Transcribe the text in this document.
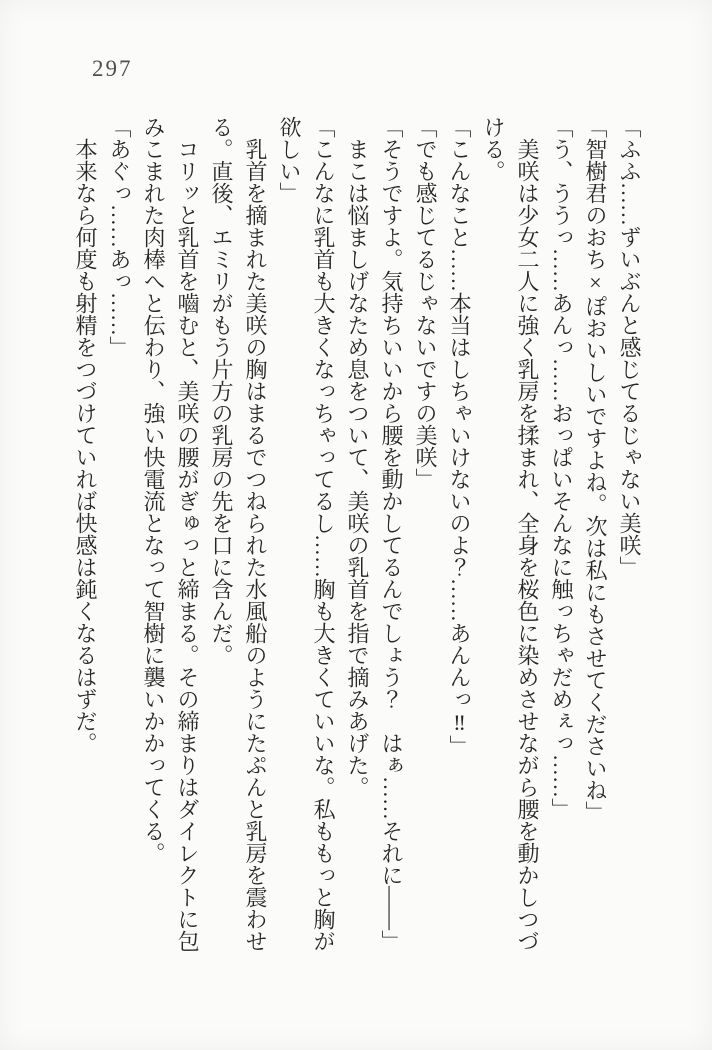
297

「ふふ……ずいぶんと感じてるじゃない美咲」

「智樹君のおち×ぽおいしいですよね。次は私にもさせてくださいね」

「う、ううっ……あんっ……おっぱいそんなに触っちゃだめぇっ……」

美咲は少女二人に強く乳房を揉まれ、全身を桜色に染めさせながら腰を動かしつづける。

「こんなこと……本当はしちゃいけないのよ？……あんんっ‼」

「でも感じてるじゃないですの美咲」

「そうですよ。気持ちいいから腰を動かしてるんでしょう？　はぁ……それに――」

まこは悩ましげなため息をついて、美咲の乳首を指で摘みあげた。

「こんなに乳首も大きくなっちゃってるし……胸も大きくていいな。私ももっと胸が欲しい」

乳首を摘まれた美咲の胸はまるでつねられた水風船のようにたぷんと乳房を震わせる。直後、エミリがもう片方の乳房の先を口に含んだ。

コリッと乳首を嚙むと、美咲の腰がぎゅっと締まる。その締まりはダイレクトに包みこまれた肉棒へと伝わり、強い快電流となって智樹に襲いかかってくる。

「あぐっ……あっ……」

本来なら何度も射精をつづけていれば快感は鈍くなるはずだ。
